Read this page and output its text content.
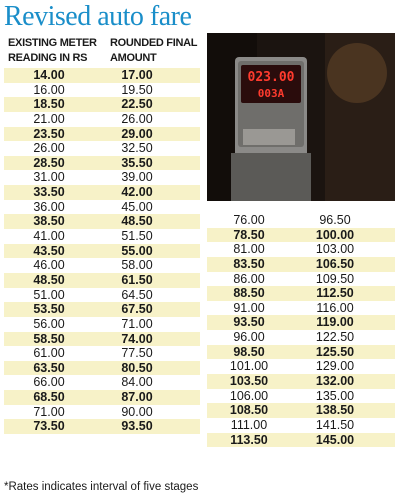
Revised auto fare
EXISTING METER READING IN RS
ROUNDED FINAL AMOUNT
14.00	17.00
16.00	19.50
18.50	22.50
21.00	26.00
23.50	29.00
26.00	32.50
28.50	35.50
31.00	39.00
33.50	42.00
36.00	45.00
38.50	48.50
41.00	51.50
43.50	55.00
46.00	58.00
48.50	61.50
51.00	64.50
53.50	67.50
56.00	71.00
58.50	74.00
61.00	77.50
63.50	80.50
66.00	84.00
68.50	87.00
71.00	90.00
73.50	93.50
023.00
003A
76.00	96.50
78.50	100.00
81.00	103.00
83.50	106.50
86.00	109.50
88.50	112.50
91.00	116.00
93.50	119.00
96.00	122.50
98.50	125.50
101.00	129.00
103.50	132.00
106.00	135.00
108.50	138.50
111.00	141.50
113.50	145.00
*Rates indicates interval of five stages
